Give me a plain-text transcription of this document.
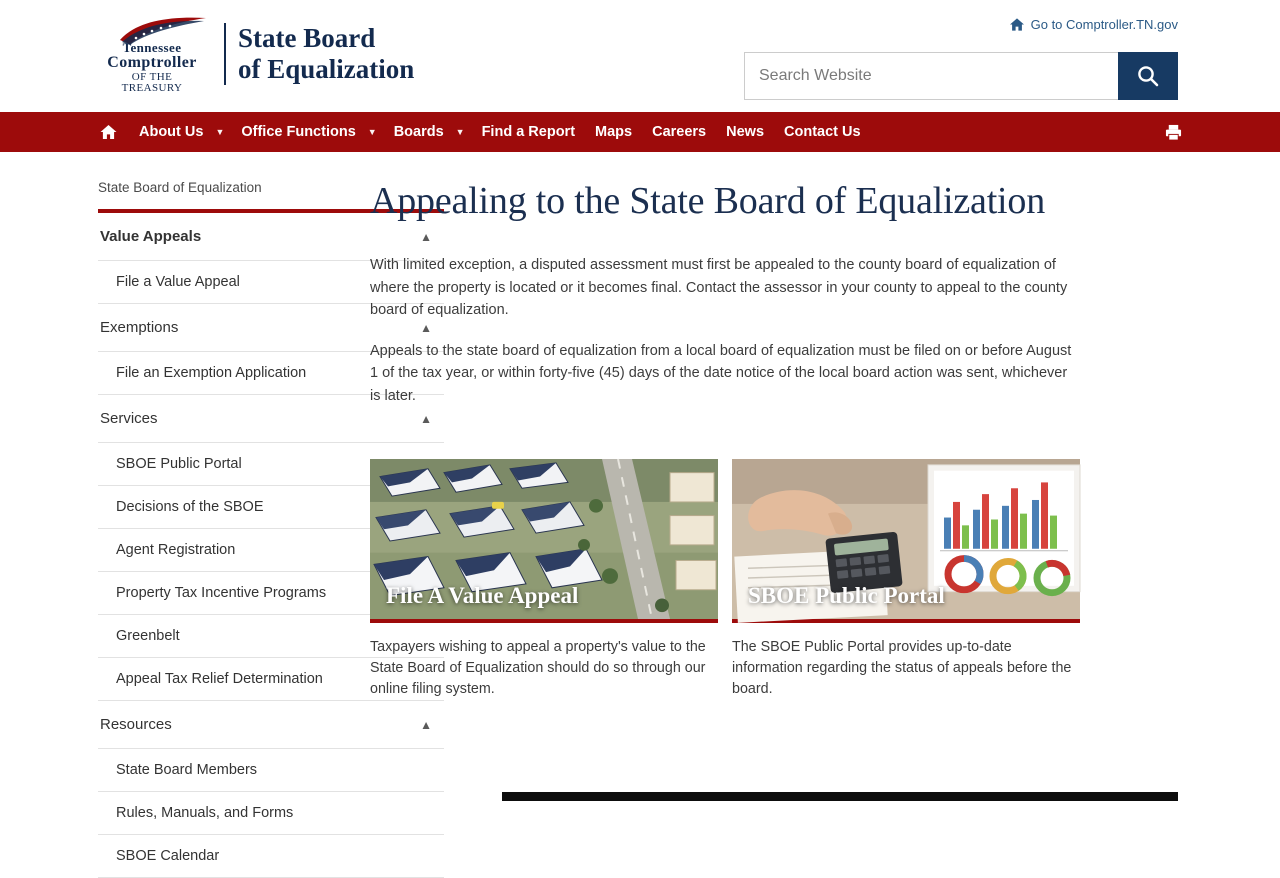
Tennessee
Comptroller
OF THE
TREASURY
State Board
of Equalization
Go to Comptroller.TN.gov
Search Website
About Us	▼	Office Functions	▼	Boards	▼	Find a Report	Maps	Careers	News	Contact Us
State Board of Equalization
Value Appeals	▲
File a Value Appeal
Exemptions	▲
File an Exemption Application
Services	▲
SBOE Public Portal
Decisions of the SBOE
Agent Registration
Property Tax Incentive Programs
Greenbelt
Appeal Tax Relief Determination
Resources	▲
State Board Members
Rules, Manuals, and Forms
SBOE Calendar
Appealing to the State Board of Equalization

With limited exception, a disputed assessment must first be appealed to the county board of equalization of where the property is located or it becomes final. Contact the assessor in your county to appeal to the county board of equalization.

Appeals to the state board of equalization from a local board of equalization must be filed on or before August 1 of the tax year, or within forty-five (45) days of the date notice of the local board action was sent, whichever is later.

File A Value Appeal
Taxpayers wishing to appeal a property's value to the State Board of Equalization should do so through our online filing system.
SBOE Public Portal
The SBOE Public Portal provides up-to-date information regarding the status of appeals before the board.
